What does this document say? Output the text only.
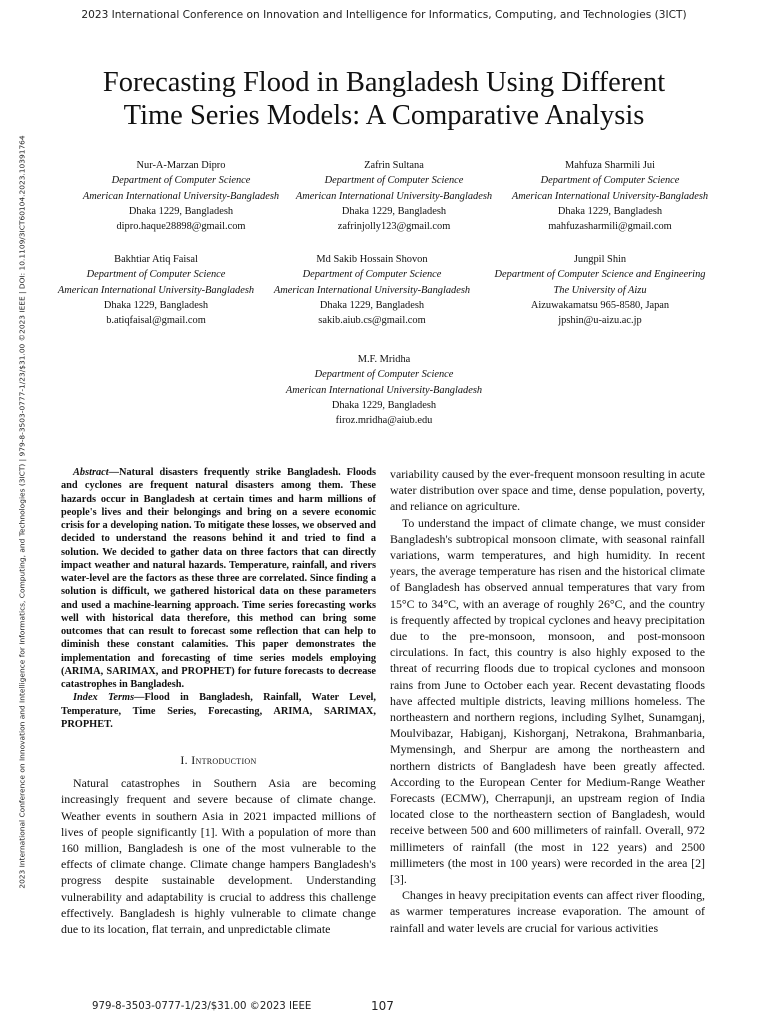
2023 International Conference on Innovation and Intelligence for Informatics, Computing, and Technologies (3ICT)
2023 International Conference on Innovation and Intelligence for Informatics, Computing, and Technologies (3ICT) | 979-8-3503-0777-1/23/$31.00 ©2023 IEEE | DOI: 10.1109/3ICT60104.2023.10391764
Forecasting Flood in Bangladesh Using Different
Time Series Models: A Comparative Analysis
Nur-A-Marzan Dipro
Department of Computer Science
American International University-Bangladesh
Dhaka 1229, Bangladesh
dipro.haque28898@gmail.com
Zafrin Sultana
Department of Computer Science
American International University-Bangladesh
Dhaka 1229, Bangladesh
zafrinjolly123@gmail.com
Mahfuza Sharmili Jui
Department of Computer Science
American International University-Bangladesh
Dhaka 1229, Bangladesh
mahfuzasharmili@gmail.com
Bakhtiar Atiq Faisal
Department of Computer Science
American International University-Bangladesh
Dhaka 1229, Bangladesh
b.atiqfaisal@gmail.com
Md Sakib Hossain Shovon
Department of Computer Science
American International University-Bangladesh
Dhaka 1229, Bangladesh
sakib.aiub.cs@gmail.com
Jungpil Shin
Department of Computer Science and Engineering
The University of Aizu
Aizuwakamatsu 965-8580, Japan
jpshin@u-aizu.ac.jp
M.F. Mridha
Department of Computer Science
American International University-Bangladesh
Dhaka 1229, Bangladesh
firoz.mridha@aiub.edu

Abstract—Natural disasters frequently strike Bangladesh. Floods and cyclones are frequent natural disasters among them. These hazards occur in Bangladesh at certain times and harm millions of people's lives and their belongings and bring on a severe economic crisis for a developing nation. To mitigate these losses, we observed and decided to understand the reasons behind it and tried to find a solution. We decided to gather data on three factors that can directly impact weather and natural hazards. Temperature, rainfall, and rivers water-level are the factors as these three are correlated. Since finding a solution is difficult, we gathered historical data on these parameters and used a machine-learning approach. Time series forecasting works well with historical data therefore, this method can bring some outcomes that can result to forecast some reflection that can help to diminish these constant calamities. This paper demonstrates the implementation and forecasting of time series models employing (ARIMA, SARIMAX, and PROPHET) for future forecasts to decrease catastrophes in Bangladesh.

Index Terms—Flood in Bangladesh, Rainfall, Water Level, Temperature, Time Series, Forecasting, ARIMA, SARIMAX, PROPHET.

I. Introduction

Natural catastrophes in Southern Asia are becoming increasingly frequent and severe because of climate change. Weather events in southern Asia in 2021 impacted millions of lives of people significantly [1]. With a population of more than 160 million, Bangladesh is one of the most vulnerable to the effects of climate change. Climate change hampers Bangladesh's progress despite sustainable development. Understanding vulnerability and adaptability is crucial to address this challenge effectively. Bangladesh is highly vulnerable to climate change due to its location, flat terrain, and unpredictable climate

variability caused by the ever-frequent monsoon resulting in acute water distribution over space and time, dense population, poverty, and reliance on agriculture.

To understand the impact of climate change, we must consider Bangladesh's subtropical monsoon climate, with seasonal rainfall variations, warm temperatures, and high humidity. In recent years, the average temperature has risen and the historical climate of Bangladesh has observed annual temperatures that vary from 15°C to 34°C, with an average of roughly 26°C, and the country is frequently affected by tropical cyclones and heavy precipitation due to the pre-monsoon, monsoon, and post-monsoon circulations. In fact, this country is also highly exposed to the threat of recurring floods due to tropical cyclones and monsoon rains from June to October each year. Recent devastating floods have affected multiple districts, leaving millions homeless. The northeastern and northern regions, including Sylhet, Sunamganj, Moulvibazar, Habiganj, Kishorganj, Netrakona, Brahmanbaria, Mymensingh, and Sherpur are among the northeastern and northern districts of Bangladesh have been greatly affected. According to the European Center for Medium-Range Weather Forecasts (ECMW), Cherrapunji, an upstream region of India located close to the northeastern section of Bangladesh, would receive between 500 and 600 millimeters of rainfall. Overall, 972 millimeters of rainfall (the most in 122 years) and 2500 millimeters (the most in 100 years) were recorded in the area [2] [3].

Changes in heavy precipitation events can affect river flooding, as warmer temperatures increase evaporation. The amount of rainfall and water levels are crucial for various activities

979-8-3503-0777-1/23/$31.00 ©2023 IEEE	107
